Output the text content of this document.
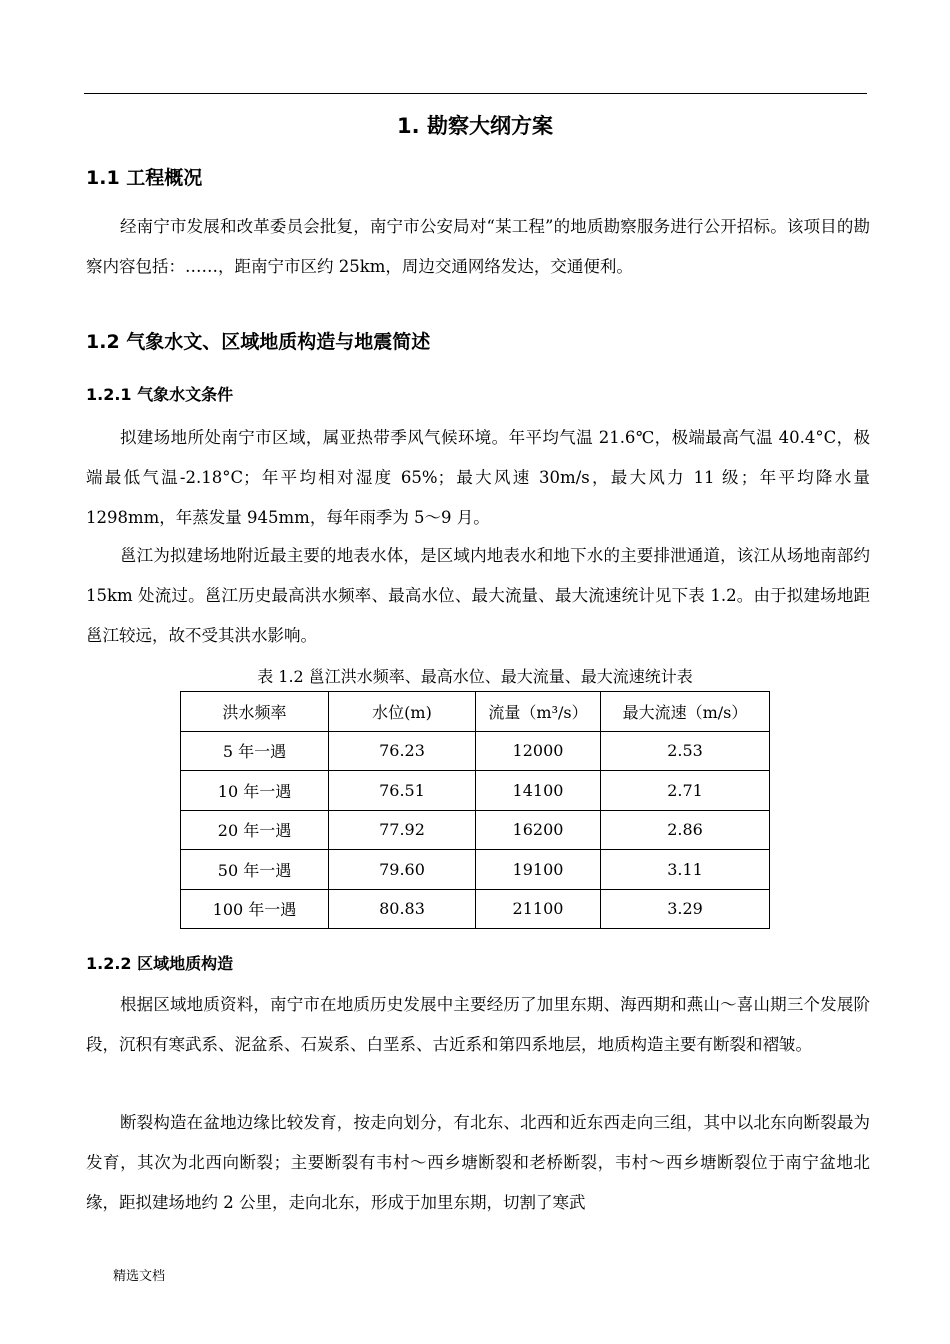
1. 勘察大纲方案
1.1 工程概况
经南宁市发展和改革委员会批复，南宁市公安局对“某工程”的地质勘察服务进行公开招标。该项目的勘察内容包括：……，距南宁市区约 25km，周边交通网络发达，交通便利。
1.2 气象水文、区域地质构造与地震简述
1.2.1 气象水文条件
拟建场地所处南宁市区域，属亚热带季风气候环境。年平均气温 21.6℃，极端最高气温 40.4°C，极端最低气温-2.18°C；年平均相对湿度 65%；最大风速 30m/s，最大风力 11 级；年平均降水量 1298mm，年蒸发量 945mm，每年雨季为 5～9 月。
邕江为拟建场地附近最主要的地表水体，是区域内地表水和地下水的主要排泄通道，该江从场地南部约 15km 处流过。邕江历史最高洪水频率、最高水位、最大流量、最大流速统计见下表 1.2。由于拟建场地距邕江较远，故不受其洪水影响。
表 1.2 邕江洪水频率、最高水位、最大流量、最大流速统计表
洪水频率	水位(m)	流量（m³/s）	最大流速（m/s）
5 年一遇	76.23	12000	2.53
10 年一遇	76.51	14100	2.71
20 年一遇	77.92	16200	2.86
50 年一遇	79.60	19100	3.11
100 年一遇	80.83	21100	3.29
1.2.2 区域地质构造
根据区域地质资料，南宁市在地质历史发展中主要经历了加里东期、海西期和燕山～喜山期三个发展阶段，沉积有寒武系、泥盆系、石炭系、白垩系、古近系和第四系地层，地质构造主要有断裂和褶皱。
断裂构造在盆地边缘比较发育，按走向划分，有北东、北西和近东西走向三组，其中以北东向断裂最为发育，其次为北西向断裂；主要断裂有韦村～西乡塘断裂和老桥断裂，韦村～西乡塘断裂位于南宁盆地北缘，距拟建场地约 2 公里，走向北东，形成于加里东期，切割了寒武
精选文档
